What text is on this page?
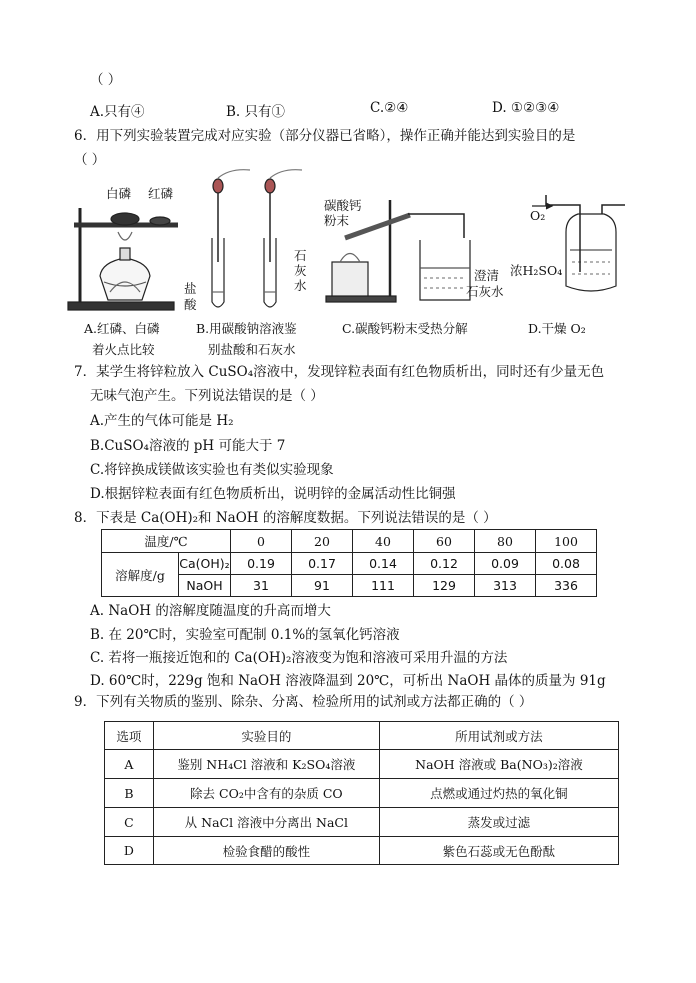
（ ）
A.只有④	B. 只有①	C.②④	D. ①②③④
6．用下列实验装置完成对应实验（部分仪器已省略），操作正确并能达到实验目的是
（ ）
白磷 红磷
盐
酸
石
灰
水
碳酸钙
粉末
澄清
石灰水
O₂
浓H₂SO₄
A.红磷、白磷
着火点比较
B.用碳酸钠溶液鉴
别盐酸和石灰水
C.碳酸钙粉末受热分解	D.干燥 O₂
7．某学生将锌粒放入 CuSO₄溶液中，发现锌粒表面有红色物质析出，同时还有少量无色
无味气泡产生。下列说法错误的是（ ）
A.产生的气体可能是 H₂
B.CuSO₄溶液的 pH 可能大于 7
C.将锌换成镁做该实验也有类似实验现象
D.根据锌粒表面有红色物质析出，说明锌的金属活动性比铜强
8．下表是 Ca(OH)₂和 NaOH 的溶解度数据。下列说法错误的是（ ）
温度/℃		0	20	40	60	80	100
溶解度/g	Ca(OH)₂	0.19	0.17	0.14	0.12	0.09	0.08
	NaOH	31	91	111	129	313	336
A. NaOH 的溶解度随温度的升高而增大
B. 在 20℃时，实验室可配制 0.1%的氢氧化钙溶液
C. 若将一瓶接近饱和的 Ca(OH)₂溶液变为饱和溶液可采用升温的方法
D. 60℃时，229g 饱和 NaOH 溶液降温到 20℃，可析出 NaOH 晶体的质量为 91g
9．下列有关物质的鉴别、除杂、分离、检验所用的试剂或方法都正确的（ ）
选项	实验目的	所用试剂或方法
A	鉴别 NH₄Cl 溶液和 K₂SO₄溶液	NaOH 溶液或 Ba(NO₃)₂溶液
B	除去 CO₂中含有的杂质 CO	点燃或通过灼热的氧化铜
C	从 NaCl 溶液中分离出 NaCl	蒸发或过滤
D	检验食醋的酸性	紫色石蕊或无色酚酞
